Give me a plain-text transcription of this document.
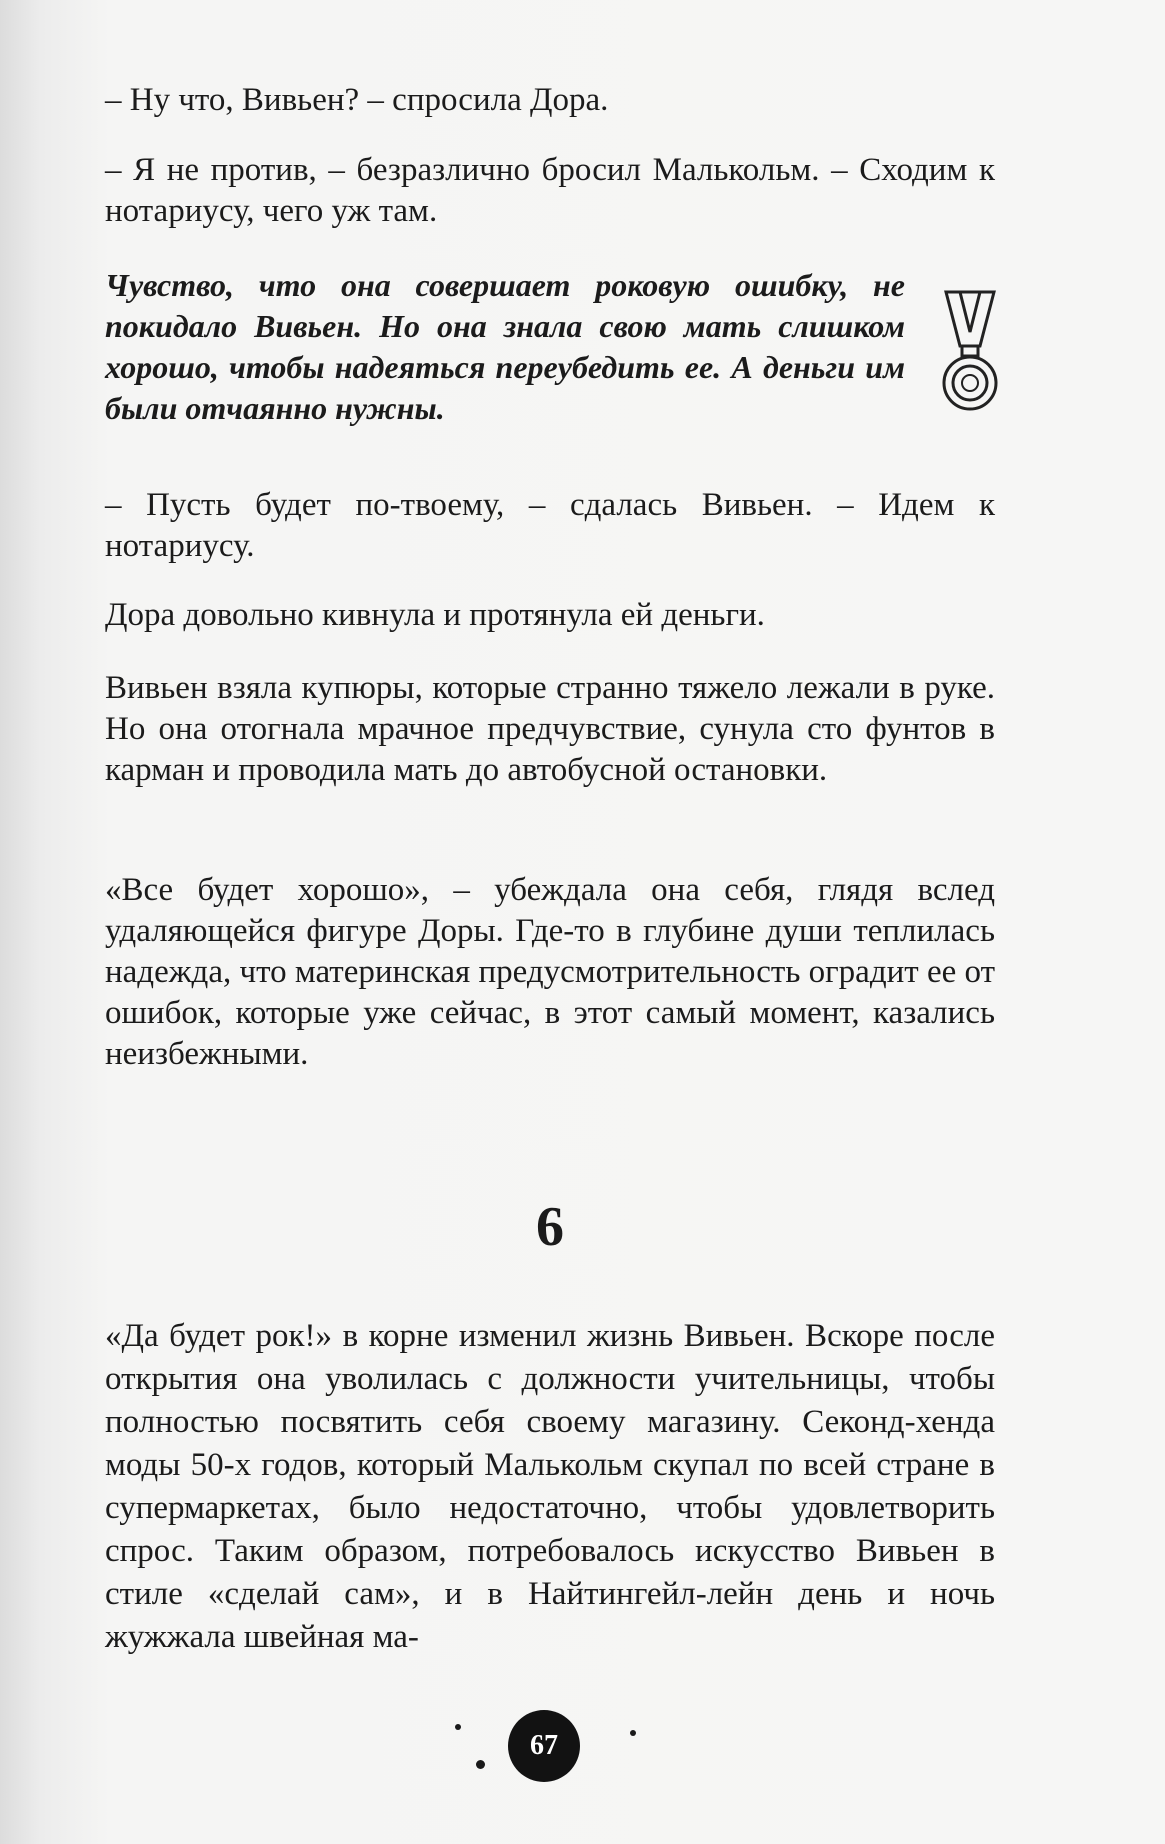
– Ну что, Вивьен? – спросила Дора.

– Я не против, – безразлично бросил Малькольм. – Сходим к нотариусу, чего уж там.

Чувство, что она совершает роковую ошибку, не покидало Вивьен. Но она знала свою мать слишком хорошо, чтобы надеяться переубедить ее. А деньги им были отчаянно нужны.

– Пусть будет по-твоему, – сдалась Вивьен. – Идем к нотариусу.

Дора довольно кивнула и протянула ей деньги.

Вивьен взяла купюры, которые странно тяжело лежали в руке. Но она отогнала мрачное предчувствие, сунула сто фунтов в карман и проводила мать до автобусной остановки.

«Все будет хорошо», – убеждала она себя, глядя вслед удаляющейся фигуре Доры. Где-то в глубине души теплилась надежда, что материнская предусмотрительность оградит ее от ошибок, которые уже сейчас, в этот самый момент, казались неизбежными.

6

«Да будет рок!» в корне изменил жизнь Вивьен. Вскоре после открытия она уволилась с должности учительницы, чтобы полностью посвятить себя своему магазину. Секонд-хенда моды 50-х годов, который Малькольм скупал по всей стране в супермаркетах, было недостаточно, чтобы удовлетворить спрос. Таким образом, потребовалось искусство Вивьен в стиле «сделай сам», и в Найтингейл-лейн день и ночь жужжала швейная ма-

67
